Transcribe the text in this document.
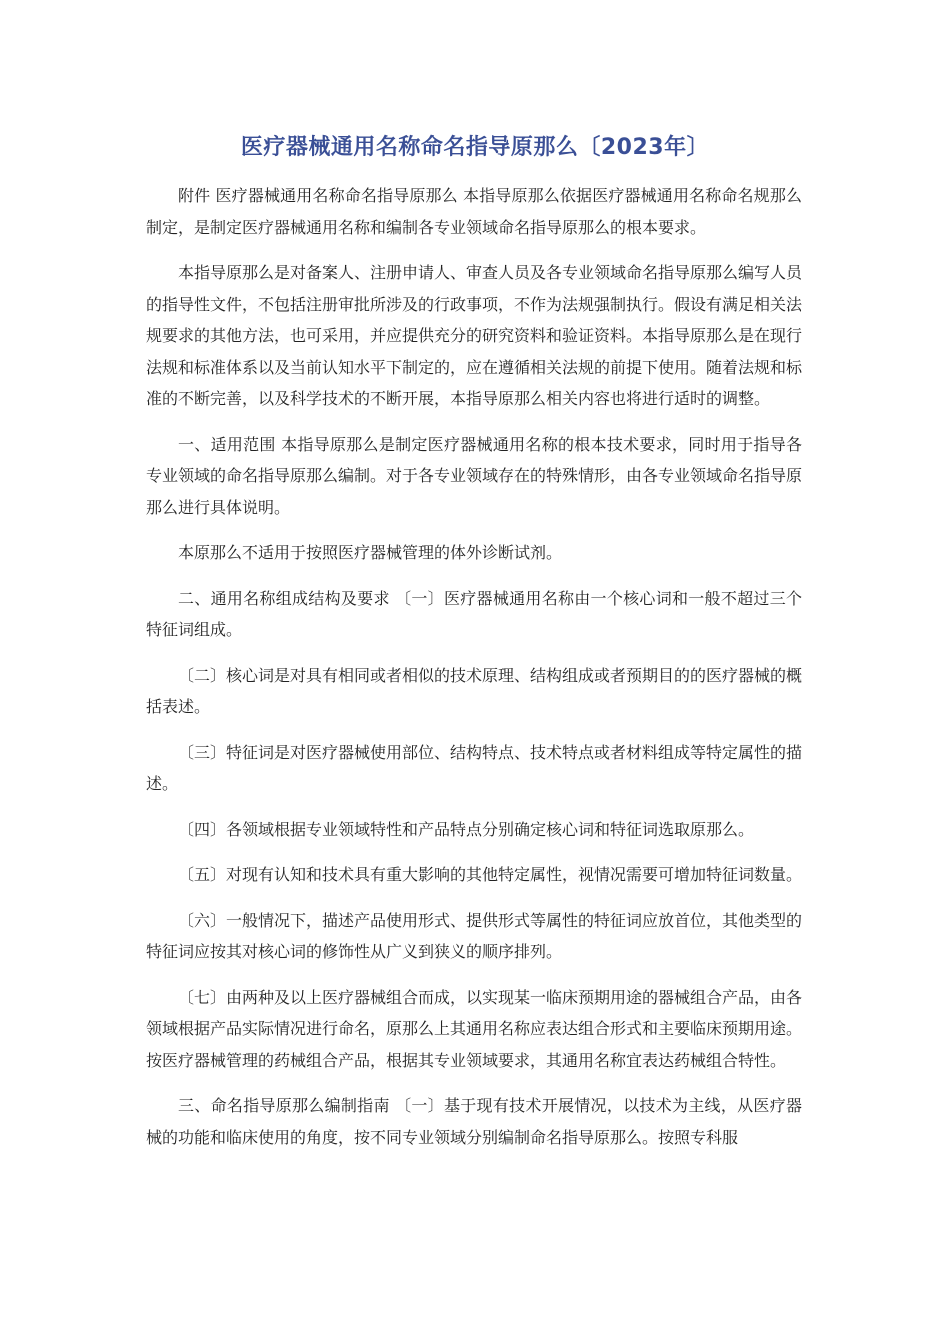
医疗器械通用名称命名指导原那么〔2023年〕

附件 医疗器械通用名称命名指导原那么 本指导原那么依据医疗器械通用名称命名规那么制定，是制定医疗器械通用名称和编制各专业领域命名指导原那么的根本要求。

本指导原那么是对备案人、注册申请人、审查人员及各专业领域命名指导原那么编写人员的指导性文件，不包括注册审批所涉及的行政事项，不作为法规强制执行。假设有满足相关法规要求的其他方法，也可采用，并应提供充分的研究资料和验证资料。本指导原那么是在现行法规和标准体系以及当前认知水平下制定的，应在遵循相关法规的前提下使用。随着法规和标准的不断完善，以及科学技术的不断开展，本指导原那么相关内容也将进行适时的调整。

一、适用范围 本指导原那么是制定医疗器械通用名称的根本技术要求，同时用于指导各专业领域的命名指导原那么编制。对于各专业领域存在的特殊情形，由各专业领域命名指导原那么进行具体说明。

本原那么不适用于按照医疗器械管理的体外诊断试剂。

二、通用名称组成结构及要求 〔一〕医疗器械通用名称由一个核心词和一般不超过三个特征词组成。

〔二〕核心词是对具有相同或者相似的技术原理、结构组成或者预期目的的医疗器械的概括表述。

〔三〕特征词是对医疗器械使用部位、结构特点、技术特点或者材料组成等特定属性的描述。

〔四〕各领域根据专业领域特性和产品特点分别确定核心词和特征词选取原那么。

〔五〕对现有认知和技术具有重大影响的其他特定属性，视情况需要可增加特征词数量。

〔六〕一般情况下，描述产品使用形式、提供形式等属性的特征词应放首位，其他类型的特征词应按其对核心词的修饰性从广义到狭义的顺序排列。

〔七〕由两种及以上医疗器械组合而成，以实现某一临床预期用途的器械组合产品，由各领域根据产品实际情况进行命名，原那么上其通用名称应表达组合形式和主要临床预期用途。按医疗器械管理的药械组合产品，根据其专业领域要求，其通用名称宜表达药械组合特性。

三、命名指导原那么编制指南 〔一〕基于现有技术开展情况，以技术为主线，从医疗器械的功能和临床使用的角度，按不同专业领域分别编制命名指导原那么。按照专科服
